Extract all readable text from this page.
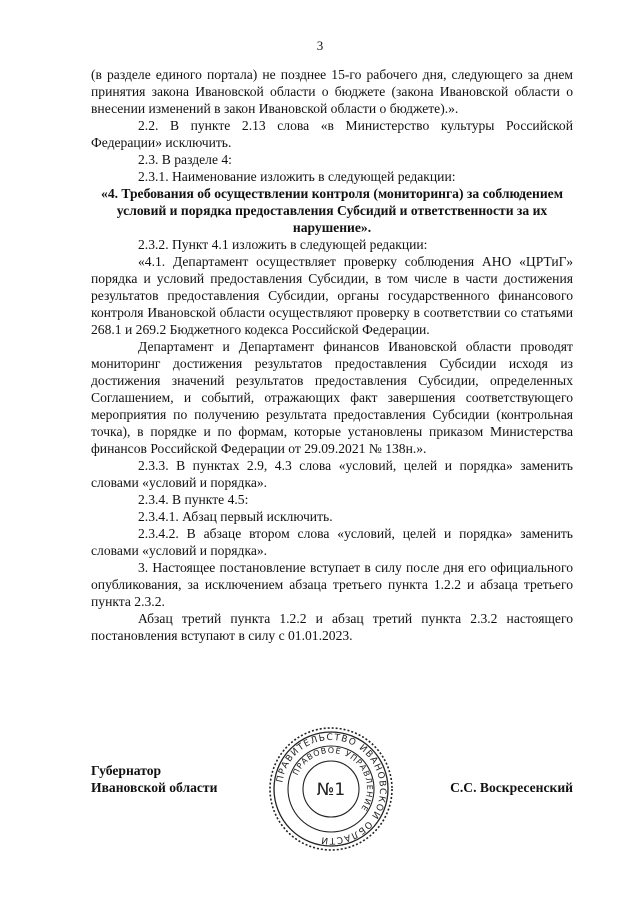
3

(в разделе единого портала) не позднее 15-го рабочего дня, следующего за днем принятия закона Ивановской области о бюджете (закона Ивановской области о внесении изменений в закон Ивановской области о бюджете).».

2.2. В пункте 2.13 слова «в Министерство культуры Российской Федерации» исключить.

2.3. В разделе 4:

2.3.1. Наименование изложить в следующей редакции:

«4. Требования об осуществлении контроля (мониторинга) за соблюдением условий и порядка предоставления Субсидий и ответственности за их нарушение».

2.3.2. Пункт 4.1 изложить в следующей редакции:

«4.1. Департамент осуществляет проверку соблюдения АНО «ЦРТиГ» порядка и условий предоставления Субсидии, в том числе в части достижения результатов предоставления Субсидии, органы государственного финансового контроля Ивановской области осуществляют проверку в соответствии со статьями 268.1 и 269.2 Бюджетного кодекса Российской Федерации.

Департамент и Департамент финансов Ивановской области проводят мониторинг достижения результатов предоставления Субсидии исходя из достижения значений результатов предоставления Субсидии, определенных Соглашением, и событий, отражающих факт завершения соответствующего мероприятия по получению результата предоставления Субсидии (контрольная точка), в порядке и по формам, которые установлены приказом Министерства финансов Российской Федерации от 29.09.2021 № 138н.».

2.3.3. В пунктах 2.9, 4.3 слова «условий, целей и порядка» заменить словами «условий и порядка».

2.3.4. В пункте 4.5:

2.3.4.1. Абзац первый исключить.

2.3.4.2. В абзаце втором слова «условий, целей и порядка» заменить словами «условий и порядка».

3. Настоящее постановление вступает в силу после дня его официального опубликования, за исключением абзаца третьего пункта 1.2.2 и абзаца третьего пункта 2.3.2.

Абзац третий пункта 1.2.2 и абзац третий пункта 2.3.2 настоящего постановления вступают в силу с 01.01.2023.

Губернатор
Ивановской области	С.С. Воскресенский
ПРАВИТЕЛЬСТВО ИВАНОВСКОЙ ОБЛАСТИ
ПРАВОВОЕ УПРАВЛЕНИЕ
№1
